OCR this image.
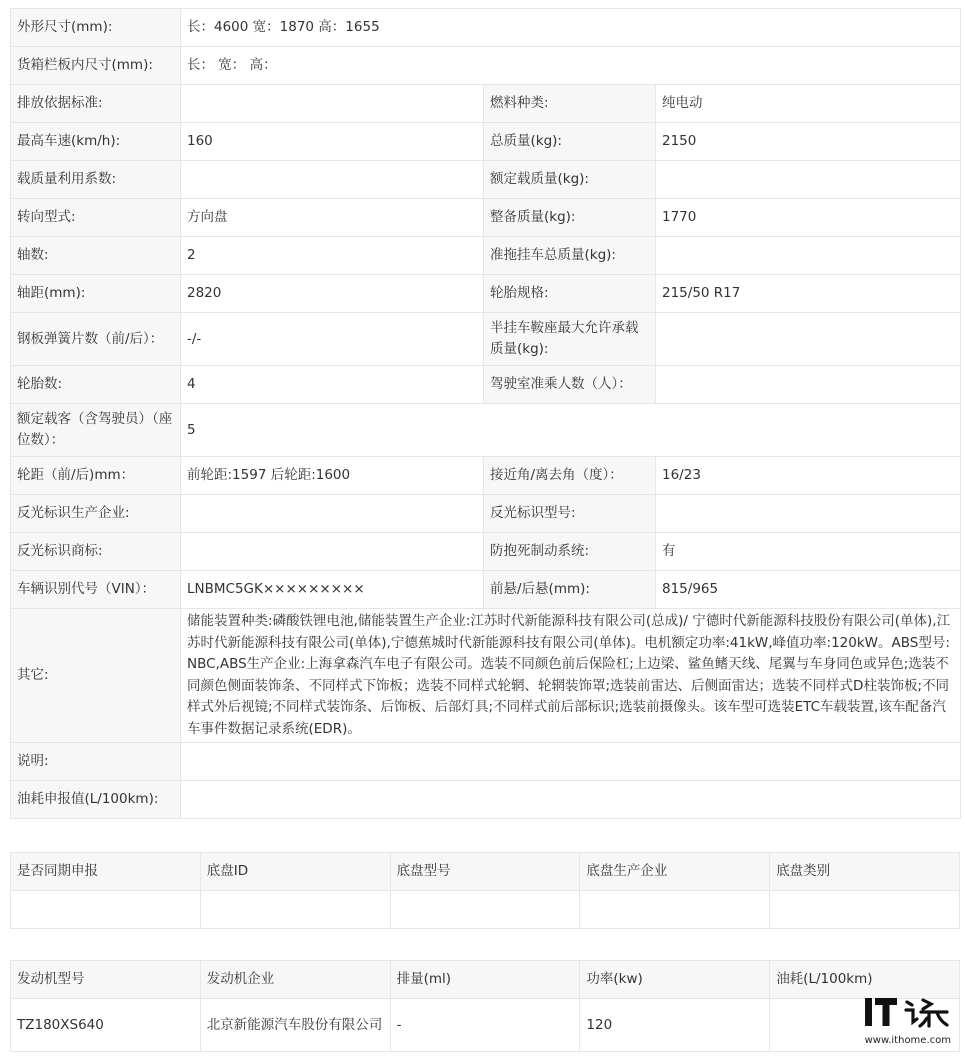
外形尺寸(mm):	长：4600 宽：1870 高：1655		
货箱栏板内尺寸(mm):	长： 宽： 高：		
排放依据标准:		燃料种类:	纯电动
最高车速(km/h):	160	总质量(kg):	2150
载质量利用系数:		额定载质量(kg):	
转向型式:	方向盘	整备质量(kg):	1770
轴数:	2	准拖挂车总质量(kg):	
轴距(mm):	2820	轮胎规格:	215/50 R17
钢板弹簧片数（前/后）：	-/-	半挂车鞍座最大允许承载质量(kg):	
轮胎数:	4	驾驶室准乘人数（人）：	
额定载客（含驾驶员）（座位数）：	5		
轮距（前/后)mm：	前轮距:1597 后轮距:1600	接近角/离去角（度）：	16/23
反光标识生产企业:		反光标识型号:	
反光标识商标:		防抱死制动系统:	有
车辆识别代号（VIN）：	LNBMC5GK×××××××××	前悬/后悬(mm):	815/965
其它:	储能装置种类:磷酸铁锂电池,储能装置生产企业:江苏时代新能源科技有限公司(总成)/ 宁德时代新能源科技股份有限公司(单体),江苏时代新能源科技有限公司(单体),宁德蕉城时代新能源科技有限公司(单体)。电机额定功率:41kW,峰值功率:120kW。ABS型号:NBC,ABS生产企业:上海拿森汽车电子有限公司。选装不同颜色前后保险杠;上边梁、鲨鱼鳍天线、尾翼与车身同色或异色;选装不同颜色侧面装饰条、不同样式下饰板；选装不同样式轮辋、轮辋装饰罩;选装前雷达、后侧面雷达；选装不同样式D柱装饰板;不同样式外后视镜;不同样式装饰条、后饰板、后部灯具;不同样式前后部标识;选装前摄像头。该车型可选装ETC车载装置,该车配备汽车事件数据记录系统(EDR)。		
说明:			
油耗申报值(L/100km):			
是否同期申报	底盘ID	底盘型号	底盘生产企业	底盘类别

发动机型号	发动机企业	排量(ml)	功率(kw)	油耗(L/100km)
TZ180XS640	北京新能源汽车股份有限公司	-	120	
www.ithome.com
